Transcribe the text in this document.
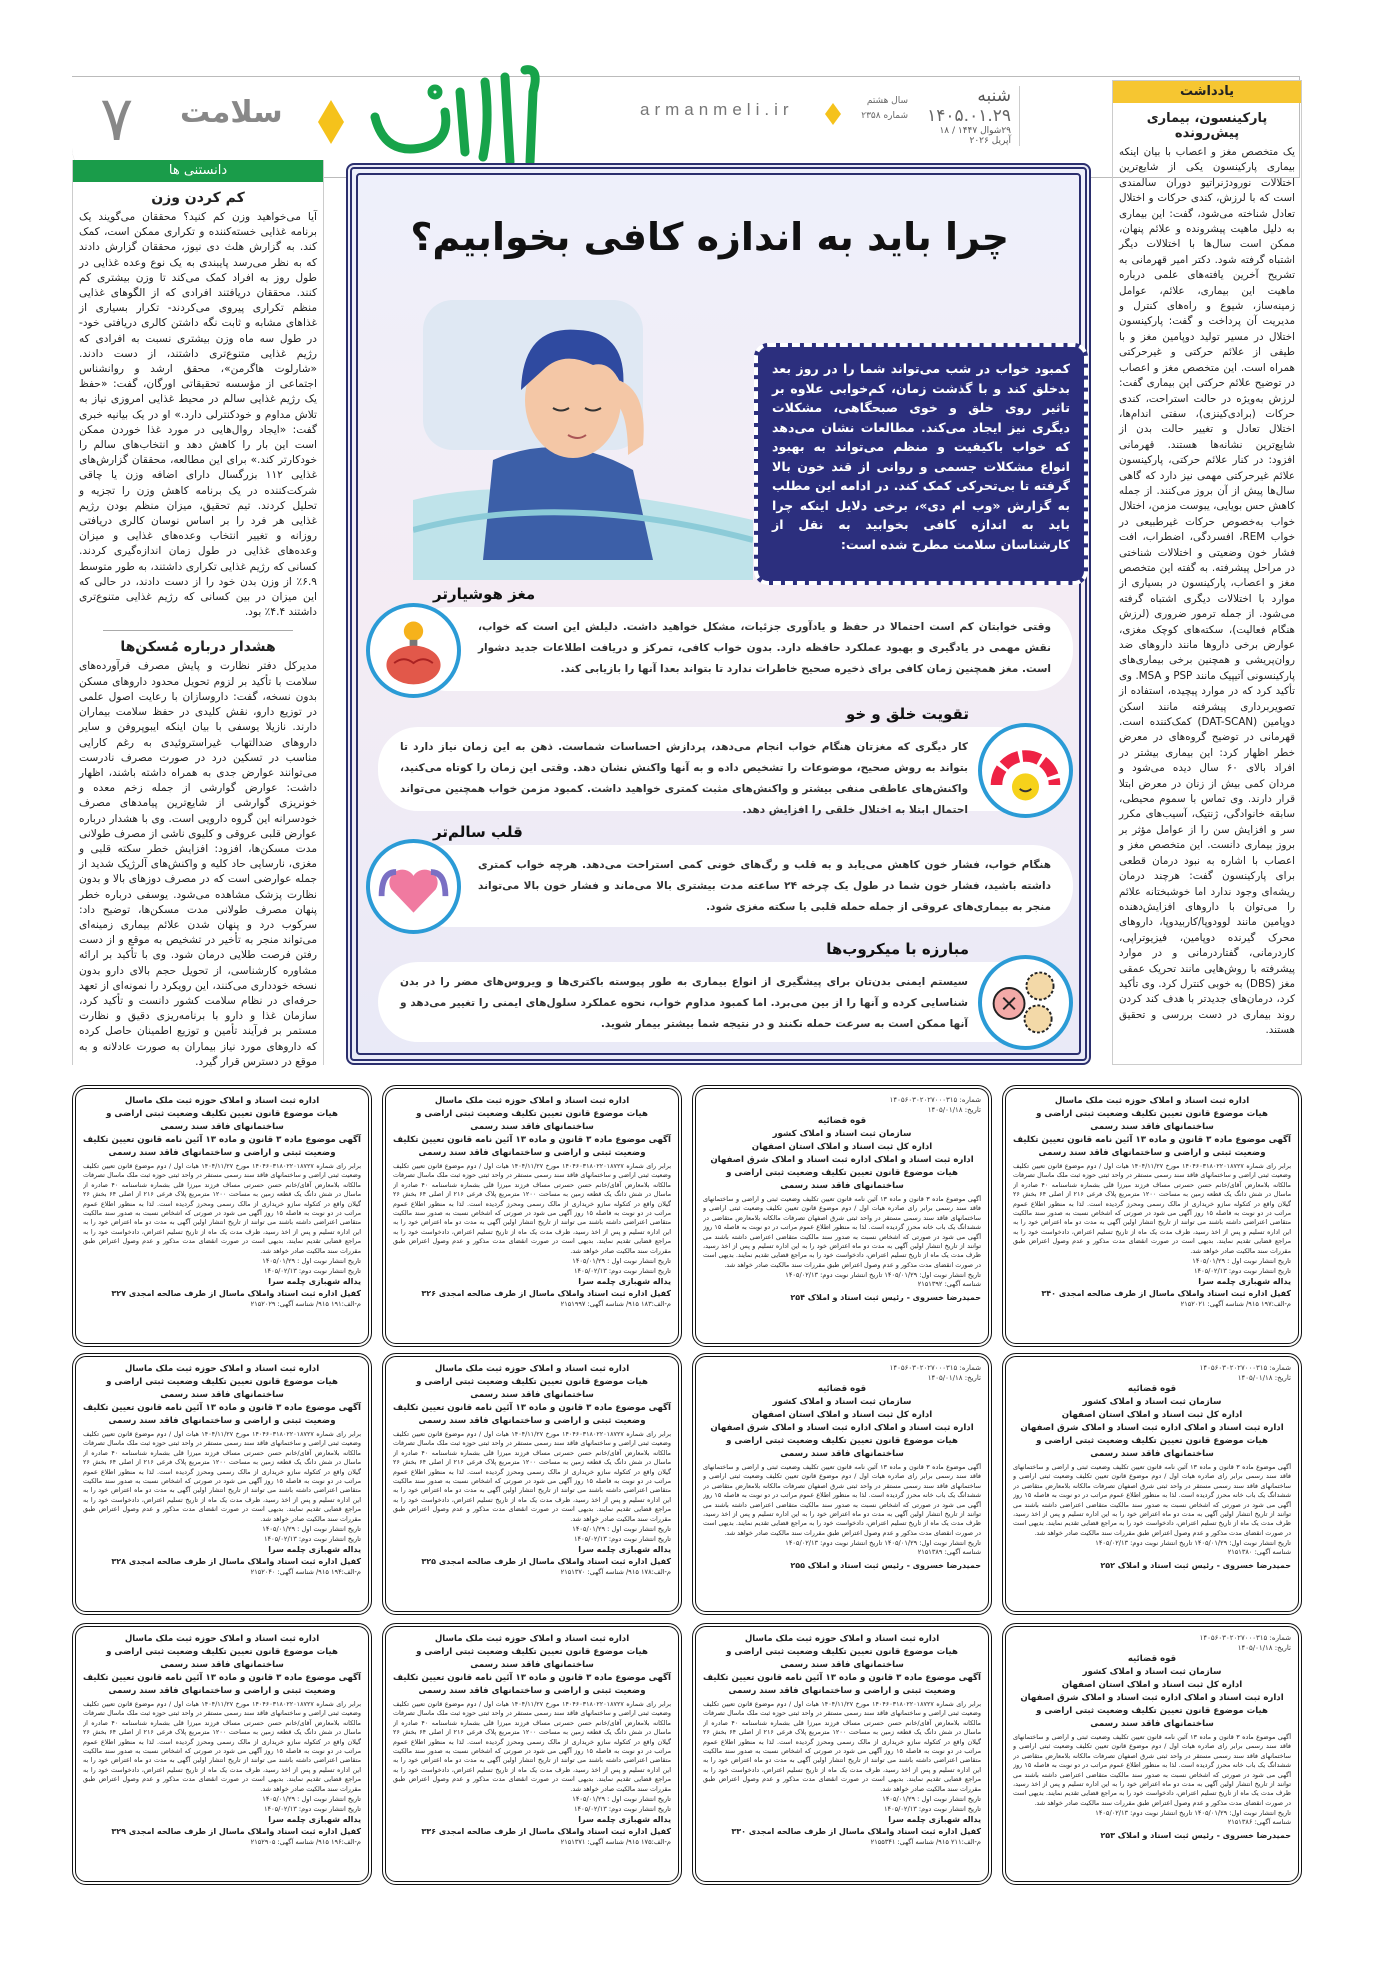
۷ سلامت	armanmeli.ir	سال هشتم
شماره ۲۳۵۸
شنبه
۱۴۰۵.۰۱.۲۹
۲۹شوال ۱۴۴۷ / ۱۸ آپریل ۲۰۲۶
یادداشت
پارکینسون، بیماری پیش‌رونده
یک متخصص مغز و اعصاب با بیان اینکه بیماری پارکینسون یکی از شایع‌ترین اختلالات نورودژنراتیو دوران سالمندی است که با لرزش، کندی حرکات و اختلال تعادل شناخته می‌شود، گفت: این بیماری به دلیل ماهیت پیشرونده و علائم پنهان، ممکن است سال‌ها با اختلالات دیگر اشتباه گرفته شود. دکتر امیر قهرمانی به تشریح آخرین یافته‌های علمی درباره ماهیت این بیماری، علائم، عوامل زمینه‌ساز، شیوع و راه‌های کنترل و مدیریت آن پرداخت و گفت: پارکینسون اختلال در مسیر تولید دوپامین مغز و با طیفی از علائم حرکتی و غیرحرکتی همراه است. این متخصص مغز و اعصاب در توضیح علائم حرکتی این بیماری گفت: لرزش به‌ویژه در حالت استراحت، کندی حرکات (برادی‌کینزی)، سفتی اندام‌ها، اختلال تعادل و تغییر حالت بدن از شایع‌ترین نشانه‌ها هستند. قهرمانی افزود: در کنار علائم حرکتی، پارکینسون علائم غیرحرکتی مهمی نیز دارد که گاهی سال‌ها پیش از آن بروز می‌کنند. از جمله کاهش حس بویایی، یبوست مزمن، اختلال خواب به‌خصوص حرکات غیرطبیعی در خواب REM، افسردگی، اضطراب، افت فشار خون وضعیتی و اختلالات شناختی در مراحل پیشرفته. به گفته این متخصص مغز و اعصاب، پارکینسون در بسیاری از موارد با اختلالات دیگری اشتباه گرفته می‌شود. از جمله ترمور ضروری (لرزش هنگام فعالیت)، سکته‌های کوچک مغزی، عوارض برخی داروها مانند داروهای ضد روان‌پریشی و همچنین برخی بیماری‌های پارکینسونی آتیپیک مانند PSP و MSA. وی تأکید کرد که در موارد پیچیده، استفاده از تصویربرداری پیشرفته مانند اسکن دوپامین (DAT-SCAN) کمک‌کننده است. قهرمانی در توضیح گروه‌های در معرض خطر اظهار کرد: این بیماری بیشتر در افراد بالای ۶۰ سال دیده می‌شود و مردان کمی بیش از زنان در معرض ابتلا قرار دارند. وی تماس با سموم محیطی، سابقه خانوادگی، ژنتیک، آسیب‌های مکرر سر و افزایش سن را از عوامل مؤثر بر بروز بیماری دانست. این متخصص مغز و اعصاب با اشاره به نبود درمان قطعی برای پارکینسون گفت: هرچند درمان ریشه‌ای وجود ندارد اما خوشبختانه علائم را می‌توان با داروهای افزایش‌دهنده دوپامین مانند لوودوپا/کاربیدوپا، داروهای محرک گیرنده دوپامین، فیزیوتراپی، کاردرمانی، گفتاردرمانی و در موارد پیشرفته با روش‌هایی مانند تحریک عمقی مغز (DBS) به خوبی کنترل کرد. وی تأکید کرد، درمان‌های جدیدتر با هدف کند کردن روند بیماری در دست بررسی و تحقیق هستند.
دانستنی ها
کم کردن وزن
آیا می‌خواهید وزن کم کنید؟ محققان می‌گویند یک برنامه غذایی خسته‌کننده و تکراری ممکن است، کمک کند. به گزارش هلث دی نیوز، محققان گزارش دادند که به نظر می‌رسد پایبندی به یک نوع وعده غذایی در طول روز به افراد کمک می‌کند تا وزن بیشتری کم کنند. محققان دریافتند افرادی که از الگوهای غذایی منظم تکراری پیروی می‌کردند- تکرار بسیاری از غذاهای مشابه و ثابت نگه داشتن کالری دریافتی خود- در طول سه ماه وزن بیشتری نسبت به افرادی که رژیم غذایی متنوع‌تری داشتند، از دست دادند. «شارلوت هاگرمن»، محقق ارشد و روانشناس اجتماعی از مؤسسه تحقیقاتی اورگان، گفت: «حفظ یک رژیم غذایی سالم در محیط غذایی امروزی نیاز به تلاش مداوم و خودکنترلی دارد.» او در یک بیانیه خبری گفت: «ایجاد روال‌هایی در مورد غذا خوردن ممکن است این بار را کاهش دهد و انتخاب‌های سالم را خودکارتر کند.» برای این مطالعه، محققان گزارش‌های غذایی ۱۱۲ بزرگسال دارای اضافه وزن یا چاقی شرکت‌کننده در یک برنامه کاهش وزن را تجزیه و تحلیل کردند. تیم تحقیق، میزان منظم بودن رژیم غذایی هر فرد را بر اساس نوسان کالری دریافتی روزانه و تغییر انتخاب وعده‌های غذایی و میزان وعده‌های غذایی در طول زمان اندازه‌گیری کردند. کسانی که رژیم غذایی تکراری داشتند، به طور متوسط ۶.۹٪ از وزن بدن خود را از دست دادند، در حالی که این میزان در بین کسانی که رژیم غذایی متنوع‌تری داشتند ۴.۴٪ بود.
هشدار درباره مُسکن‌ها
مدیرکل دفتر نظارت و پایش مصرف فرآورده‌های سلامت با تأکید بر لزوم تحویل محدود داروهای مسکن بدون نسخه، گفت: داروسازان با رعایت اصول علمی در توزیع دارو، نقش کلیدی در حفظ سلامت بیماران دارند. نازیلا یوسفی با بیان اینکه ایبوپروفن و سایر داروهای ضدالتهاب غیراستروئیدی به رغم کارایی مناسب در تسکین درد در صورت مصرف نادرست می‌توانند عوارض جدی به همراه داشته باشند، اظهار داشت: عوارض گوارشی از جمله زخم معده و خونریزی گوارشی از شایع‌ترین پیامدهای مصرف خودسرانه این گروه دارویی است. وی با هشدار درباره عوارض قلبی عروقی و کلیوی ناشی از مصرف طولانی مدت مسکن‌ها، افزود: افزایش خطر سکته قلبی و مغزی، نارسایی حاد کلیه و واکنش‌های آلرژیک شدید از جمله عوارضی است که در مصرف دوزهای بالا و بدون نظارت پزشک مشاهده می‌شود. یوسفی درباره خطر پنهان مصرف طولانی مدت مسکن‌ها، توضیح داد: سرکوب درد و پنهان شدن علائم بیماری زمینه‌ای می‌تواند منجر به تأخیر در تشخیص به موقع و از دست رفتن فرصت طلایی درمان شود. وی با تأکید بر ارائه مشاوره کارشناسی، از تحویل حجم بالای دارو بدون نسخه خودداری می‌کنند، این رویکرد را نمونه‌ای از تعهد حرفه‌ای در نظام سلامت کشور دانست و تأکید کرد، سازمان غذا و دارو با برنامه‌ریزی دقیق و نظارت مستمر بر فرآیند تأمین و توزیع اطمینان حاصل کرده که داروهای مورد نیاز بیماران به صورت عادلانه و به موقع در دسترس قرار گیرد.
چرا باید به اندازه کافی بخوابیم؟
کمبود خواب در شب می‌تواند شما را در روز بعد بدخلق کند و با گذشت زمان، کم‌خوابی علاوه بر تاثیر روی خلق و خوی صبحگاهی، مشکلات دیگری نیز ایجاد می‌کند. مطالعات نشان می‌دهد که خواب باکیفیت و منظم می‌تواند به بهبود انواع مشکلات جسمی و روانی از قند خون بالا گرفته تا بی‌تحرکی کمک کند. در ادامه این مطلب به گزارش «وب ام دی»، برخی دلایل اینکه چرا باید به اندازه کافی بخوابید به نقل از کارشناسان سلامت مطرح شده است:
مغز هوشیارتر
وقتی خوابتان کم است احتمالا در حفظ و یادآوری جزئیات، مشکل خواهید داشت. دلیلش این است که خواب، نقش مهمی در یادگیری و بهبود عملکرد حافظه دارد. بدون خواب کافی، تمرکز و دریافت اطلاعات جدید دشوار است. مغز همچنین زمان کافی برای ذخیره صحیح خاطرات ندارد تا بتواند بعدا آنها را بازیابی کند.
تقویت خلق و خو
کار دیگری که مغزتان هنگام خواب انجام می‌دهد، پردازش احساسات شماست. ذهن به این زمان نیاز دارد تا بتواند به روش صحیح، موضوعات را تشخیص داده و به آنها واکنش نشان دهد. وقتی این زمان را کوتاه می‌کنید، واکنش‌های عاطفی منفی بیشتر و واکنش‌های مثبت کمتری خواهید داشت. کمبود مزمن خواب همچنین می‌تواند احتمال ابتلا به اختلال خلقی را افزایش دهد.
قلب سالم‌تر
هنگام خواب، فشار خون کاهش می‌یابد و به قلب و رگ‌های خونی کمی استراحت می‌دهد. هرچه خواب کمتری داشته باشید، فشار خون شما در طول یک چرخه ۲۴ ساعته مدت بیشتری بالا می‌ماند و فشار خون بالا می‌تواند منجر به بیماری‌های عروقی از جمله حمله قلبی یا سکته مغزی شود.
مبارزه با میکروب‌ها
سیستم ایمنی بدن‌تان برای پیشگیری از انواع بیماری به طور پیوسته باکتری‌ها و ویروس‌های مضر را در بدن شناسایی کرده و آنها را از بین می‌برد. اما کمبود مداوم خواب، نحوه عملکرد سلول‌های ایمنی را تغییر می‌دهد و آنها ممکن است به سرعت حمله نکنند و در نتیجه شما بیشتر بیمار شوید.
اداره ثبت اسناد و املاک حوزه ثبت ملک ماسال
هیات موضوع قانون تعیین تکلیف وضعیت ثبتی اراضی و ساختمانهای فاقد سند رسمی
آگهی موضوع ماده ۳ قانون و ماده ۱۳ آئین نامه قانون تعیین تکلیف وضعیت ثبتی و اراضی و ساختمانهای فاقد سند رسمی
برابر رای شماره ۱۴۰۴۶۰۳۱۸۰۲۲۰۱۸۷۲۷ مورخ ۱۴۰۴/۱۱/۲۷ هیات اول / دوم موضوع قانون تعیین تکلیف وضعیت ثبتی اراضی و ساختمانهای فاقد سند رسمی مستقر در واحد ثبتی حوزه ثبت ملک ماسال تصرفات مالکانه بلامعارض آقای/خانم حسن حسرتی مساف فرزند میرزا قلی بشماره شناسنامه ۴۰ صادره از ماسال در شش دانگ یک قطعه زمین به مساحت ۱۲۰۰ مترمربع پلاک فرعی ۲۱۶ از اصلی ۶۴ بخش ۲۶ گیلان واقع در کتکوله سازو خریداری از مالک رسمی ومحرز گردیده است. لذا به منظور اطلاع عموم مراتب در دو نوبت به فاصله ۱۵ روز آگهی می شود در صورتی که اشخاص نسبت به صدور سند مالکیت متقاضی اعتراضی داشته باشند می توانند از تاریخ انتشار اولین آگهی به مدت دو ماه اعتراض خود را به این اداره تسلیم و پس از اخذ رسید، ظرف مدت یک ماه از تاریخ تسلیم اعتراض، دادخواست خود را به مراجع قضایی تقدیم نمایند. بدیهی است در صورت انقضای مدت مذکور و عدم وصول اعتراض طبق مقررات سند مالکیت صادر خواهد شد.
تاریخ انتشار نوبت اول : ۱۴۰۵/۰۱/۲۹
تاریخ انتشار نوبت دوم: ۱۴۰۵/۰۲/۱۳
یداله شهبازی چلمه سرا
کفیل اداره ثبت اسناد واملاک ماسال از طرف صالحه امجدی ۳۴۰
م-الف:۱۹۷ ۹۱۵/ شناسه آگهی: ۲۱۵۲۰۲۱
شماره: ۱۴۰۵۶۰۳۰۲۰۲۷۰۰۰۳۱۵
تاریخ: ۱۴۰۵/۰۱/۱۸
قوه قضائیه
سازمان ثبت اسناد و املاک کشور
اداره کل ثبت اسناد و املاک استان اصفهان
اداره ثبت اسناد و املاک اداره ثبت اسناد و املاک شرق اصفهان
هیات موضوع قانون تعیین تکلیف وضعیت ثبتی اراضی و ساختمانهای فاقد سند رسمی
آگهی موضوع ماده ۳ قانون و ماده ۱۳ آئین نامه قانون تعیین تکلیف وضعیت ثبتی و اراضی و ساختمانهای فاقد سند رسمی برابر رای صادره هیات اول / دوم موضوع قانون تعیین تکلیف وضعیت ثبتی اراضی و ساختمانهای فاقد سند رسمی مستقر در واحد ثبتی شرق اصفهان تصرفات مالکانه بلامعارض متقاضی در ششدانگ یک باب خانه محرز گردیده است. لذا به منظور اطلاع عموم مراتب در دو نوبت به فاصله ۱۵ روز آگهی می شود در صورتی که اشخاص نسبت به صدور سند مالکیت متقاضی اعتراضی داشته باشند می توانند از تاریخ انتشار اولین آگهی به مدت دو ماه اعتراض خود را به این اداره تسلیم و پس از اخذ رسید، ظرف مدت یک ماه از تاریخ تسلیم اعتراض، دادخواست خود را به مراجع قضایی تقدیم نمایند. بدیهی است در صورت انقضای مدت مذکور و عدم وصول اعتراض طبق مقررات سند مالکیت صادر خواهد شد.
تاریخ انتشار نوبت اول: ۱۴۰۵/۰۱/۲۹ تاریخ انتشار نوبت دوم: ۱۴۰۵/۰۲/۱۳
شناسه آگهی: ۲۱۵۱۳۹۲
حمیدرضا خسروی - رئیس ثبت اسناد و املاک ۲۵۴
اداره ثبت اسناد و املاک حوزه ثبت ملک ماسال
هیات موضوع قانون تعیین تکلیف وضعیت ثبتی اراضی و ساختمانهای فاقد سند رسمی
آگهی موضوع ماده ۳ قانون و ماده ۱۳ آئین نامه قانون تعیین تکلیف وضعیت ثبتی و اراضی و ساختمانهای فاقد سند رسمی
برابر رای شماره ۱۴۰۴۶۰۳۱۸۰۲۲۰۱۸۷۲۷ مورخ ۱۴۰۴/۱۱/۲۷ هیات اول / دوم موضوع قانون تعیین تکلیف وضعیت ثبتی اراضی و ساختمانهای فاقد سند رسمی مستقر در واحد ثبتی حوزه ثبت ملک ماسال تصرفات مالکانه بلامعارض آقای/خانم حسن حسرتی مساف فرزند میرزا قلی بشماره شناسنامه ۴۰ صادره از ماسال در شش دانگ یک قطعه زمین به مساحت ۱۲۰۰ مترمربع پلاک فرعی ۲۱۶ از اصلی ۶۴ بخش ۲۶ گیلان واقع در کتکوله سازو خریداری از مالک رسمی ومحرز گردیده است. لذا به منظور اطلاع عموم مراتب در دو نوبت به فاصله ۱۵ روز آگهی می شود در صورتی که اشخاص نسبت به صدور سند مالکیت متقاضی اعتراضی داشته باشند می توانند از تاریخ انتشار اولین آگهی به مدت دو ماه اعتراض خود را به این اداره تسلیم و پس از اخذ رسید، ظرف مدت یک ماه از تاریخ تسلیم اعتراض، دادخواست خود را به مراجع قضایی تقدیم نمایند. بدیهی است در صورت انقضای مدت مذکور و عدم وصول اعتراض طبق مقررات سند مالکیت صادر خواهد شد.
تاریخ انتشار نوبت اول : ۱۴۰۵/۰۱/۲۹
تاریخ انتشار نوبت دوم: ۱۴۰۵/۰۲/۱۳
یداله شهبازی چلمه سرا
کفیل اداره ثبت اسناد واملاک ماسال از طرف صالحه امجدی ۳۲۶
م-الف:۱۸۳ ۹۱۵/ شناسه آگهی: ۲۱۵۱۹۹۷
اداره ثبت اسناد و املاک حوزه ثبت ملک ماسال
هیات موضوع قانون تعیین تکلیف وضعیت ثبتی اراضی و ساختمانهای فاقد سند رسمی
آگهی موضوع ماده ۳ قانون و ماده ۱۳ آئین نامه قانون تعیین تکلیف وضعیت ثبتی و اراضی و ساختمانهای فاقد سند رسمی
برابر رای شماره ۱۴۰۴۶۰۳۱۸۰۲۲۰۱۸۷۲۷ مورخ ۱۴۰۴/۱۱/۲۷ هیات اول / دوم موضوع قانون تعیین تکلیف وضعیت ثبتی اراضی و ساختمانهای فاقد سند رسمی مستقر در واحد ثبتی حوزه ثبت ملک ماسال تصرفات مالکانه بلامعارض آقای/خانم حسن حسرتی مساف فرزند میرزا قلی بشماره شناسنامه ۴۰ صادره از ماسال در شش دانگ یک قطعه زمین به مساحت ۱۲۰۰ مترمربع پلاک فرعی ۲۱۶ از اصلی ۶۴ بخش ۲۶ گیلان واقع در کتکوله سازو خریداری از مالک رسمی ومحرز گردیده است. لذا به منظور اطلاع عموم مراتب در دو نوبت به فاصله ۱۵ روز آگهی می شود در صورتی که اشخاص نسبت به صدور سند مالکیت متقاضی اعتراضی داشته باشند می توانند از تاریخ انتشار اولین آگهی به مدت دو ماه اعتراض خود را به این اداره تسلیم و پس از اخذ رسید، ظرف مدت یک ماه از تاریخ تسلیم اعتراض، دادخواست خود را به مراجع قضایی تقدیم نمایند. بدیهی است در صورت انقضای مدت مذکور و عدم وصول اعتراض طبق مقررات سند مالکیت صادر خواهد شد.
تاریخ انتشار نوبت اول : ۱۴۰۵/۰۱/۲۹
تاریخ انتشار نوبت دوم: ۱۴۰۵/۰۲/۱۳
یداله شهبازی چلمه سرا
کفیل اداره ثبت اسناد واملاک ماسال از طرف صالحه امجدی ۳۲۷
م-الف:۱۹۱ ۹۱۵/ شناسه آگهی: ۲۱۵۲۰۲۹
شماره: ۱۴۰۵۶۰۳۰۲۰۲۷۰۰۰۳۱۵
تاریخ: ۱۴۰۵/۰۱/۱۸
قوه قضائیه
سازمان ثبت اسناد و املاک کشور
اداره کل ثبت اسناد و املاک استان اصفهان
اداره ثبت اسناد و املاک اداره ثبت اسناد و املاک شرق اصفهان
هیات موضوع قانون تعیین تکلیف وضعیت ثبتی اراضی و ساختمانهای فاقد سند رسمی
آگهی موضوع ماده ۳ قانون و ماده ۱۳ آئین نامه قانون تعیین تکلیف وضعیت ثبتی و اراضی و ساختمانهای فاقد سند رسمی برابر رای صادره هیات اول / دوم موضوع قانون تعیین تکلیف وضعیت ثبتی اراضی و ساختمانهای فاقد سند رسمی مستقر در واحد ثبتی شرق اصفهان تصرفات مالکانه بلامعارض متقاضی در ششدانگ یک باب خانه محرز گردیده است. لذا به منظور اطلاع عموم مراتب در دو نوبت به فاصله ۱۵ روز آگهی می شود در صورتی که اشخاص نسبت به صدور سند مالکیت متقاضی اعتراضی داشته باشند می توانند از تاریخ انتشار اولین آگهی به مدت دو ماه اعتراض خود را به این اداره تسلیم و پس از اخذ رسید، ظرف مدت یک ماه از تاریخ تسلیم اعتراض، دادخواست خود را به مراجع قضایی تقدیم نمایند. بدیهی است در صورت انقضای مدت مذکور و عدم وصول اعتراض طبق مقررات سند مالکیت صادر خواهد شد.
تاریخ انتشار نوبت اول: ۱۴۰۵/۰۱/۲۹ تاریخ انتشار نوبت دوم: ۱۴۰۵/۰۲/۱۳
شناسه آگهی: ۲۱۵۱۳۸۰
حمیدرضا خسروی - رئیس ثبت اسناد و املاک ۲۵۲
شماره: ۱۴۰۵۶۰۳۰۲۰۲۷۰۰۰۳۱۵
تاریخ: ۱۴۰۵/۰۱/۱۸
قوه قضائیه
سازمان ثبت اسناد و املاک کشور
اداره کل ثبت اسناد و املاک استان اصفهان
اداره ثبت اسناد و املاک اداره ثبت اسناد و املاک شرق اصفهان
هیات موضوع قانون تعیین تکلیف وضعیت ثبتی اراضی و ساختمانهای فاقد سند رسمی
آگهی موضوع ماده ۳ قانون و ماده ۱۳ آئین نامه قانون تعیین تکلیف وضعیت ثبتی و اراضی و ساختمانهای فاقد سند رسمی برابر رای صادره هیات اول / دوم موضوع قانون تعیین تکلیف وضعیت ثبتی اراضی و ساختمانهای فاقد سند رسمی مستقر در واحد ثبتی شرق اصفهان تصرفات مالکانه بلامعارض متقاضی در ششدانگ یک باب خانه محرز گردیده است. لذا به منظور اطلاع عموم مراتب در دو نوبت به فاصله ۱۵ روز آگهی می شود در صورتی که اشخاص نسبت به صدور سند مالکیت متقاضی اعتراضی داشته باشند می توانند از تاریخ انتشار اولین آگهی به مدت دو ماه اعتراض خود را به این اداره تسلیم و پس از اخذ رسید، ظرف مدت یک ماه از تاریخ تسلیم اعتراض، دادخواست خود را به مراجع قضایی تقدیم نمایند. بدیهی است در صورت انقضای مدت مذکور و عدم وصول اعتراض طبق مقررات سند مالکیت صادر خواهد شد.
تاریخ انتشار نوبت اول: ۱۴۰۵/۰۱/۲۹ تاریخ انتشار نوبت دوم: ۱۴۰۵/۰۲/۱۳
شناسه آگهی: ۲۱۵۱۳۸۹
حمیدرضا خسروی - رئیس ثبت اسناد و املاک ۲۵۵
اداره ثبت اسناد و املاک حوزه ثبت ملک ماسال
هیات موضوع قانون تعیین تکلیف وضعیت ثبتی اراضی و ساختمانهای فاقد سند رسمی
آگهی موضوع ماده ۳ قانون و ماده ۱۳ آئین نامه قانون تعیین تکلیف وضعیت ثبتی و اراضی و ساختمانهای فاقد سند رسمی
برابر رای شماره ۱۴۰۴۶۰۳۱۸۰۲۲۰۱۸۷۲۷ مورخ ۱۴۰۴/۱۱/۲۷ هیات اول / دوم موضوع قانون تعیین تکلیف وضعیت ثبتی اراضی و ساختمانهای فاقد سند رسمی مستقر در واحد ثبتی حوزه ثبت ملک ماسال تصرفات مالکانه بلامعارض آقای/خانم حسن حسرتی مساف فرزند میرزا قلی بشماره شناسنامه ۴۰ صادره از ماسال در شش دانگ یک قطعه زمین به مساحت ۱۲۰۰ مترمربع پلاک فرعی ۲۱۶ از اصلی ۶۴ بخش ۲۶ گیلان واقع در کتکوله سازو خریداری از مالک رسمی ومحرز گردیده است. لذا به منظور اطلاع عموم مراتب در دو نوبت به فاصله ۱۵ روز آگهی می شود در صورتی که اشخاص نسبت به صدور سند مالکیت متقاضی اعتراضی داشته باشند می توانند از تاریخ انتشار اولین آگهی به مدت دو ماه اعتراض خود را به این اداره تسلیم و پس از اخذ رسید، ظرف مدت یک ماه از تاریخ تسلیم اعتراض، دادخواست خود را به مراجع قضایی تقدیم نمایند. بدیهی است در صورت انقضای مدت مذکور و عدم وصول اعتراض طبق مقررات سند مالکیت صادر خواهد شد.
تاریخ انتشار نوبت اول : ۱۴۰۵/۰۱/۲۹
تاریخ انتشار نوبت دوم: ۱۴۰۵/۰۲/۱۳
یداله شهبازی چلمه سرا
کفیل اداره ثبت اسناد واملاک ماسال از طرف صالحه امجدی ۳۲۵
م-الف:۱۷۸ ۹۱۵/ شناسه آگهی: ۲۱۵۱۳۷۰
اداره ثبت اسناد و املاک حوزه ثبت ملک ماسال
هیات موضوع قانون تعیین تکلیف وضعیت ثبتی اراضی و ساختمانهای فاقد سند رسمی
آگهی موضوع ماده ۳ قانون و ماده ۱۳ آئین نامه قانون تعیین تکلیف وضعیت ثبتی و اراضی و ساختمانهای فاقد سند رسمی
برابر رای شماره ۱۴۰۴۶۰۳۱۸۰۲۲۰۱۸۷۲۷ مورخ ۱۴۰۴/۱۱/۲۷ هیات اول / دوم موضوع قانون تعیین تکلیف وضعیت ثبتی اراضی و ساختمانهای فاقد سند رسمی مستقر در واحد ثبتی حوزه ثبت ملک ماسال تصرفات مالکانه بلامعارض آقای/خانم حسن حسرتی مساف فرزند میرزا قلی بشماره شناسنامه ۴۰ صادره از ماسال در شش دانگ یک قطعه زمین به مساحت ۱۲۰۰ مترمربع پلاک فرعی ۲۱۶ از اصلی ۶۴ بخش ۲۶ گیلان واقع در کتکوله سازو خریداری از مالک رسمی ومحرز گردیده است. لذا به منظور اطلاع عموم مراتب در دو نوبت به فاصله ۱۵ روز آگهی می شود در صورتی که اشخاص نسبت به صدور سند مالکیت متقاضی اعتراضی داشته باشند می توانند از تاریخ انتشار اولین آگهی به مدت دو ماه اعتراض خود را به این اداره تسلیم و پس از اخذ رسید، ظرف مدت یک ماه از تاریخ تسلیم اعتراض، دادخواست خود را به مراجع قضایی تقدیم نمایند. بدیهی است در صورت انقضای مدت مذکور و عدم وصول اعتراض طبق مقررات سند مالکیت صادر خواهد شد.
تاریخ انتشار نوبت اول : ۱۴۰۵/۰۱/۲۹
تاریخ انتشار نوبت دوم: ۱۴۰۵/۰۲/۱۳
یداله شهبازی چلمه سرا
کفیل اداره ثبت اسناد واملاک ماسال از طرف صالحه امجدی ۳۲۸
م-الف:۱۹۴ ۹۱۵/ شناسه آگهی: ۲۱۵۲۰۴۰
شماره: ۱۴۰۵۶۰۳۰۲۰۲۷۰۰۰۳۱۵
تاریخ: ۱۴۰۵/۰۱/۱۸
قوه قضائیه
سازمان ثبت اسناد و املاک کشور
اداره کل ثبت اسناد و املاک استان اصفهان
اداره ثبت اسناد و املاک اداره ثبت اسناد و املاک شرق اصفهان
هیات موضوع قانون تعیین تکلیف وضعیت ثبتی اراضی و ساختمانهای فاقد سند رسمی
آگهی موضوع ماده ۳ قانون و ماده ۱۳ آئین نامه قانون تعیین تکلیف وضعیت ثبتی و اراضی و ساختمانهای فاقد سند رسمی برابر رای صادره هیات اول / دوم موضوع قانون تعیین تکلیف وضعیت ثبتی اراضی و ساختمانهای فاقد سند رسمی مستقر در واحد ثبتی شرق اصفهان تصرفات مالکانه بلامعارض متقاضی در ششدانگ یک باب خانه محرز گردیده است. لذا به منظور اطلاع عموم مراتب در دو نوبت به فاصله ۱۵ روز آگهی می شود در صورتی که اشخاص نسبت به صدور سند مالکیت متقاضی اعتراضی داشته باشند می توانند از تاریخ انتشار اولین آگهی به مدت دو ماه اعتراض خود را به این اداره تسلیم و پس از اخذ رسید، ظرف مدت یک ماه از تاریخ تسلیم اعتراض، دادخواست خود را به مراجع قضایی تقدیم نمایند. بدیهی است در صورت انقضای مدت مذکور و عدم وصول اعتراض طبق مقررات سند مالکیت صادر خواهد شد.
تاریخ انتشار نوبت اول: ۱۴۰۵/۰۱/۲۹ تاریخ انتشار نوبت دوم: ۱۴۰۵/۰۲/۱۳
شناسه آگهی: ۲۱۵۱۳۸۶
حمیدرضا خسروی - رئیس ثبت اسناد و املاک ۲۵۳
اداره ثبت اسناد و املاک حوزه ثبت ملک ماسال
هیات موضوع قانون تعیین تکلیف وضعیت ثبتی اراضی و ساختمانهای فاقد سند رسمی
آگهی موضوع ماده ۳ قانون و ماده ۱۳ آئین نامه قانون تعیین تکلیف وضعیت ثبتی و اراضی و ساختمانهای فاقد سند رسمی
برابر رای شماره ۱۴۰۴۶۰۳۱۸۰۲۲۰۱۸۷۲۷ مورخ ۱۴۰۴/۱۱/۲۷ هیات اول / دوم موضوع قانون تعیین تکلیف وضعیت ثبتی اراضی و ساختمانهای فاقد سند رسمی مستقر در واحد ثبتی حوزه ثبت ملک ماسال تصرفات مالکانه بلامعارض آقای/خانم حسن حسرتی مساف فرزند میرزا قلی بشماره شناسنامه ۴۰ صادره از ماسال در شش دانگ یک قطعه زمین به مساحت ۱۲۰۰ مترمربع پلاک فرعی ۲۱۶ از اصلی ۶۴ بخش ۲۶ گیلان واقع در کتکوله سازو خریداری از مالک رسمی ومحرز گردیده است. لذا به منظور اطلاع عموم مراتب در دو نوبت به فاصله ۱۵ روز آگهی می شود در صورتی که اشخاص نسبت به صدور سند مالکیت متقاضی اعتراضی داشته باشند می توانند از تاریخ انتشار اولین آگهی به مدت دو ماه اعتراض خود را به این اداره تسلیم و پس از اخذ رسید، ظرف مدت یک ماه از تاریخ تسلیم اعتراض، دادخواست خود را به مراجع قضایی تقدیم نمایند. بدیهی است در صورت انقضای مدت مذکور و عدم وصول اعتراض طبق مقررات سند مالکیت صادر خواهد شد.
تاریخ انتشار نوبت اول : ۱۴۰۵/۰۱/۲۹
تاریخ انتشار نوبت دوم: ۱۴۰۵/۰۲/۱۳
یداله شهبازی چلمه سرا
کفیل اداره ثبت اسناد واملاک ماسال از طرف صالحه امجدی ۳۳۰
م-الف:۲۱۱ ۹۱۵/ شناسه آگهی: ۲۱۵۵۳۴۱
اداره ثبت اسناد و املاک حوزه ثبت ملک ماسال
هیات موضوع قانون تعیین تکلیف وضعیت ثبتی اراضی و ساختمانهای فاقد سند رسمی
آگهی موضوع ماده ۳ قانون و ماده ۱۳ آئین نامه قانون تعیین تکلیف وضعیت ثبتی و اراضی و ساختمانهای فاقد سند رسمی
برابر رای شماره ۱۴۰۴۶۰۳۱۸۰۲۲۰۱۸۷۲۷ مورخ ۱۴۰۴/۱۱/۲۷ هیات اول / دوم موضوع قانون تعیین تکلیف وضعیت ثبتی اراضی و ساختمانهای فاقد سند رسمی مستقر در واحد ثبتی حوزه ثبت ملک ماسال تصرفات مالکانه بلامعارض آقای/خانم حسن حسرتی مساف فرزند میرزا قلی بشماره شناسنامه ۴۰ صادره از ماسال در شش دانگ یک قطعه زمین به مساحت ۱۲۰۰ مترمربع پلاک فرعی ۲۱۶ از اصلی ۶۴ بخش ۲۶ گیلان واقع در کتکوله سازو خریداری از مالک رسمی ومحرز گردیده است. لذا به منظور اطلاع عموم مراتب در دو نوبت به فاصله ۱۵ روز آگهی می شود در صورتی که اشخاص نسبت به صدور سند مالکیت متقاضی اعتراضی داشته باشند می توانند از تاریخ انتشار اولین آگهی به مدت دو ماه اعتراض خود را به این اداره تسلیم و پس از اخذ رسید، ظرف مدت یک ماه از تاریخ تسلیم اعتراض، دادخواست خود را به مراجع قضایی تقدیم نمایند. بدیهی است در صورت انقضای مدت مذکور و عدم وصول اعتراض طبق مقررات سند مالکیت صادر خواهد شد.
تاریخ انتشار نوبت اول : ۱۴۰۵/۰۱/۲۹
تاریخ انتشار نوبت دوم: ۱۴۰۵/۰۲/۱۳
یداله شهبازی چلمه سرا
کفیل اداره ثبت اسناد واملاک ماسال از طرف صالحه امجدی ۳۳۶
م-الف:۱۷۵ ۹۱۵/ شناسه آگهی: ۲۱۵۱۳۷۱
اداره ثبت اسناد و املاک حوزه ثبت ملک ماسال
هیات موضوع قانون تعیین تکلیف وضعیت ثبتی اراضی و ساختمانهای فاقد سند رسمی
آگهی موضوع ماده ۳ قانون و ماده ۱۳ آئین نامه قانون تعیین تکلیف وضعیت ثبتی و اراضی و ساختمانهای فاقد سند رسمی
برابر رای شماره ۱۴۰۴۶۰۳۱۸۰۲۲۰۱۸۷۲۷ مورخ ۱۴۰۴/۱۱/۲۷ هیات اول / دوم موضوع قانون تعیین تکلیف وضعیت ثبتی اراضی و ساختمانهای فاقد سند رسمی مستقر در واحد ثبتی حوزه ثبت ملک ماسال تصرفات مالکانه بلامعارض آقای/خانم حسن حسرتی مساف فرزند میرزا قلی بشماره شناسنامه ۴۰ صادره از ماسال در شش دانگ یک قطعه زمین به مساحت ۱۲۰۰ مترمربع پلاک فرعی ۲۱۶ از اصلی ۶۴ بخش ۲۶ گیلان واقع در کتکوله سازو خریداری از مالک رسمی ومحرز گردیده است. لذا به منظور اطلاع عموم مراتب در دو نوبت به فاصله ۱۵ روز آگهی می شود در صورتی که اشخاص نسبت به صدور سند مالکیت متقاضی اعتراضی داشته باشند می توانند از تاریخ انتشار اولین آگهی به مدت دو ماه اعتراض خود را به این اداره تسلیم و پس از اخذ رسید، ظرف مدت یک ماه از تاریخ تسلیم اعتراض، دادخواست خود را به مراجع قضایی تقدیم نمایند. بدیهی است در صورت انقضای مدت مذکور و عدم وصول اعتراض طبق مقررات سند مالکیت صادر خواهد شد.
تاریخ انتشار نوبت اول : ۱۴۰۵/۰۱/۲۹
تاریخ انتشار نوبت دوم: ۱۴۰۵/۰۲/۱۳
یداله شهبازی چلمه سرا
کفیل اداره ثبت اسناد واملاک ماسال از طرف صالحه امجدی ۳۲۹
م-الف:۱۹۶ ۹۱۵/ شناسه آگهی: ۲۱۵۲۹۰۵
